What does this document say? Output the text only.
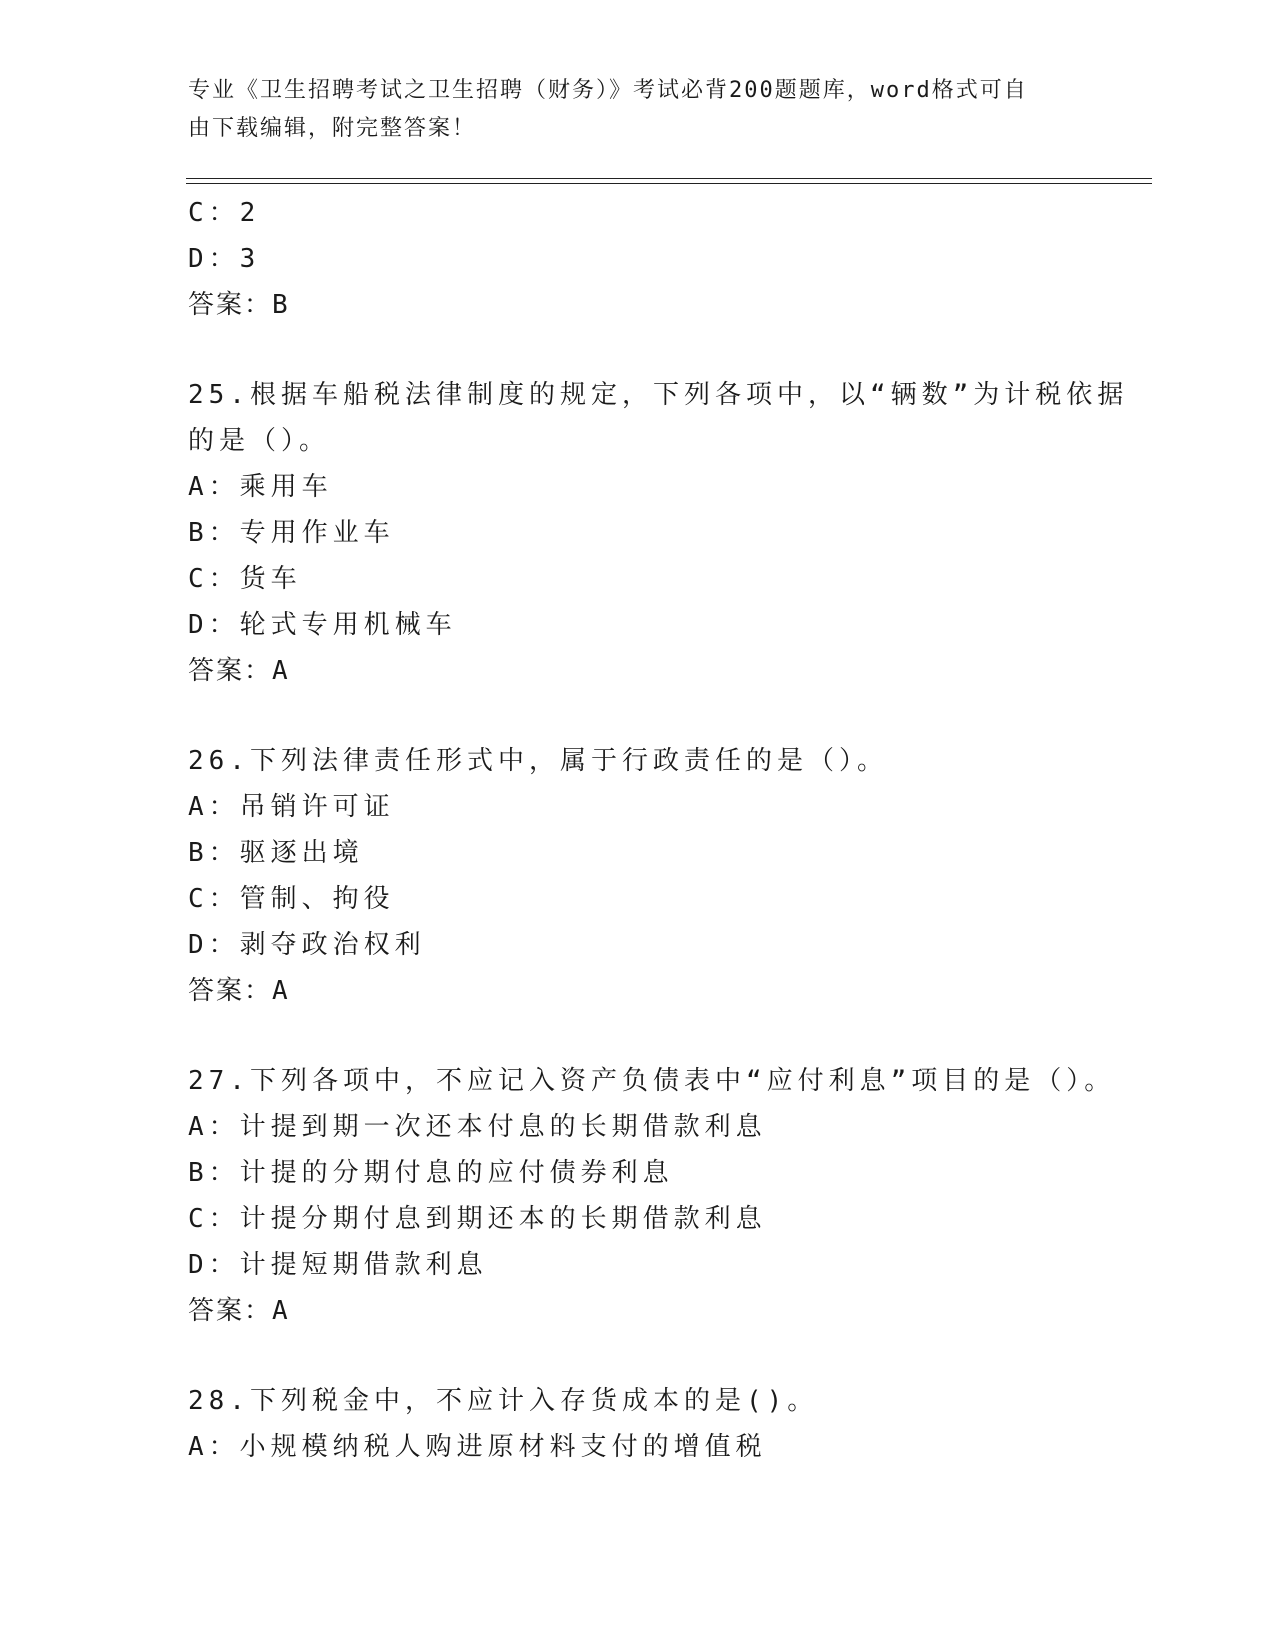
专业《卫生招聘考试之卫生招聘（财务）》考试必背200题题库，word格式可自
由下载编辑，附完整答案！
C：2
D：3
答案：B
25.根据车船税法律制度的规定，下列各项中，以“辆数”为计税依据
的是（）。
A：乘用车
B：专用作业车
C：货车
D：轮式专用机械车
答案：A
26.下列法律责任形式中，属于行政责任的是（）。
A：吊销许可证
B：驱逐出境
C：管制、拘役
D：剥夺政治权利
答案：A
27.下列各项中，不应记入资产负债表中“应付利息”项目的是（）。
A：计提到期一次还本付息的长期借款利息
B：计提的分期付息的应付债券利息
C：计提分期付息到期还本的长期借款利息
D：计提短期借款利息
答案：A
28.下列税金中，不应计入存货成本的是()。
A：小规模纳税人购进原材料支付的增值税
